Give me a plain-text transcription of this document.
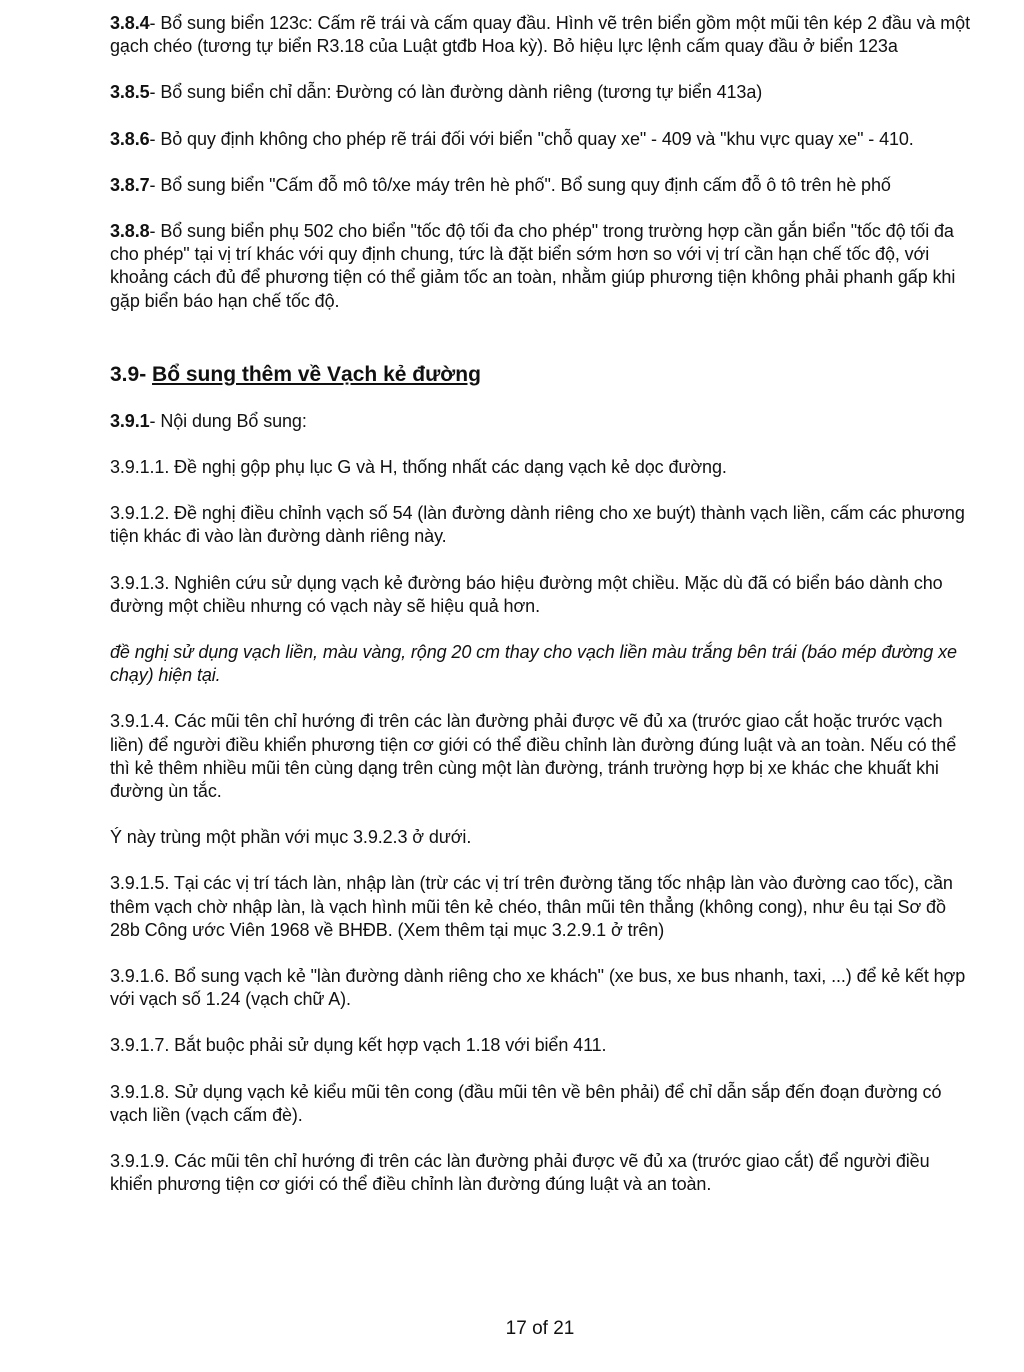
3.8.4- Bổ sung biển 123c: Cấm rẽ trái và cấm quay đầu. Hình vẽ trên biển gồm một mũi tên kép 2 đầu và một gạch chéo (tương tự biển R3.18 của Luật gtđb Hoa kỳ). Bỏ hiệu lực lệnh cấm quay đầu ở biển 123a

3.8.5- Bổ sung biển chỉ dẫn: Đường có làn đường dành riêng (tương tự biển 413a)

3.8.6- Bỏ quy định không cho phép rẽ trái đối với biển "chỗ quay xe" - 409 và "khu vực quay xe" - 410.

3.8.7- Bổ sung biển "Cấm đỗ mô tô/xe máy trên hè phố". Bổ sung quy định cấm đỗ ô tô trên hè phố

3.8.8- Bổ sung biển phụ 502 cho biển "tốc độ tối đa cho phép" trong trường hợp cần gắn biển "tốc độ tối đa cho phép" tại vị trí khác với quy định chung, tức là đặt biển sớm hơn so với vị trí cần hạn chế tốc độ, với khoảng cách đủ để phương tiện có thể giảm tốc an toàn, nhằm giúp phương tiện không phải phanh gấp khi gặp biển báo hạn chế tốc độ.

3.9- Bổ sung thêm về Vạch kẻ đường

3.9.1- Nội dung Bổ sung:

3.9.1.1. Đề nghị gộp phụ lục G và H, thống nhất các dạng vạch kẻ dọc đường.

3.9.1.2. Đề nghị điều chỉnh vạch số 54 (làn đường dành riêng cho xe buýt) thành vạch liền, cấm các phương tiện khác đi vào làn đường dành riêng này.

3.9.1.3. Nghiên cứu sử dụng vạch kẻ đường báo hiệu đường một chiều. Mặc dù đã có biển báo dành cho đường một chiều nhưng có vạch này sẽ hiệu quả hơn.

đề nghị sử dụng vạch liền, màu vàng, rộng 20 cm thay cho vạch liền màu trắng bên trái (báo mép đường xe chạy) hiện tại.

3.9.1.4. Các mũi tên chỉ hướng đi trên các làn đường phải được vẽ đủ xa (trước giao cắt hoặc trước vạch liền) để người điều khiển phương tiện cơ giới có thể điều chỉnh làn đường đúng luật và an toàn. Nếu có thể thì kẻ thêm nhiều mũi tên cùng dạng trên cùng một làn đường, tránh trường hợp bị xe khác che khuất khi đường ùn tắc.

Ý này trùng một phần với mục 3.9.2.3 ở dưới.

3.9.1.5. Tại các vị trí tách làn, nhập làn (trừ các vị trí trên đường tăng tốc nhập làn vào đường cao tốc), cần thêm vạch chờ nhập làn, là vạch hình mũi tên kẻ chéo, thân mũi tên thẳng (không cong), như êu tại Sơ đồ 28b Công ước Viên 1968 về BHĐB. (Xem thêm tại mục 3.2.9.1 ở trên)

3.9.1.6. Bổ sung vạch kẻ "làn đường dành riêng cho xe khách" (xe bus, xe bus nhanh, taxi, ...) để kẻ kết hợp với vạch số 1.24 (vạch chữ A).

3.9.1.7. Bắt buộc phải sử dụng kết hợp vạch 1.18 với biển 411.

3.9.1.8. Sử dụng vạch kẻ kiểu mũi tên cong (đầu mũi tên về bên phải) để chỉ dẫn sắp đến đoạn đường có vạch liền (vạch cấm đè).

3.9.1.9. Các mũi tên chỉ hướng đi trên các làn đường phải được vẽ đủ xa (trước giao cắt) để người điều khiển phương tiện cơ giới có thể điều chỉnh làn đường đúng luật và an toàn.

17 of 21
